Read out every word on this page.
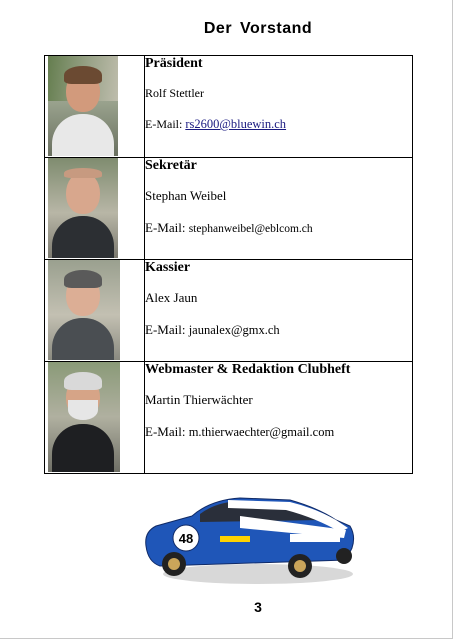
Der Vorstand

	Präsident
Rolf Stettler
E-Mail: rs2600@bluewin.ch

	Sekretär
Stephan Weibel
E-Mail: stephanweibel@eblcom.ch

	Kassier
Alex Jaun
E-Mail: jaunalex@gmx.ch

	Webmaster & Redaktion Clubheft
Martin Thierwächter
E-Mail: m.thierwaechter@gmail.com
48
3
